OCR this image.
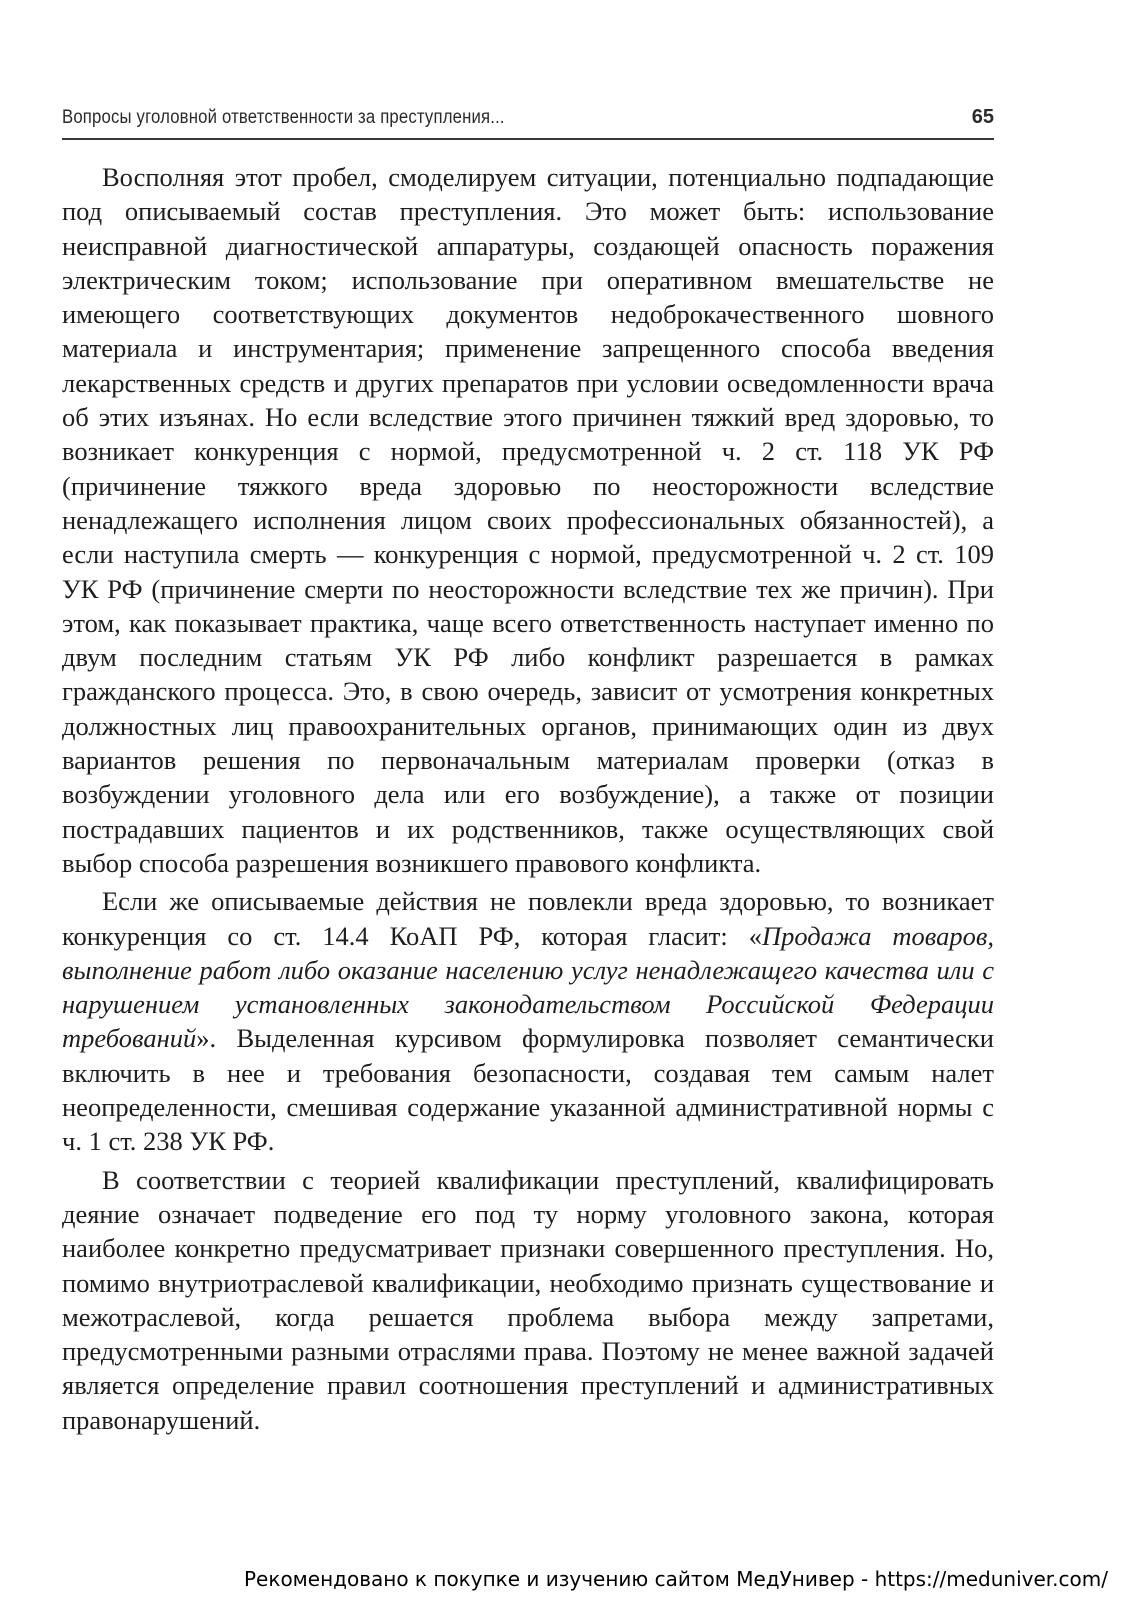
Вопросы уголовной ответственности за преступления...	65

Восполняя этот пробел, смоделируем ситуации, потенциально подпадающие под описываемый состав преступления. Это может быть: использование неисправной диагностической аппаратуры, создающей опасность поражения электрическим током; использование при оперативном вмешательстве не имеющего соответствующих документов недоброкачественного шовного материала и инструментария; применение запрещенного способа введения лекарственных средств и других препаратов при условии осведомленности врача об этих изъянах. Но если вследствие этого причинен тяжкий вред здоровью, то возникает конкуренция с нормой, предусмотренной ч. 2 ст. 118 УК РФ (причинение тяжкого вреда здоровью по неосторожности вследствие ненадлежащего исполнения лицом своих профессиональных обязанностей), а если наступила смерть — конкуренция с нормой, предусмотренной ч. 2 ст. 109 УК РФ (причинение смерти по неосторожности вследствие тех же причин). При этом, как показывает практика, чаще всего ответственность наступает именно по двум последним статьям УК РФ либо конфликт разрешается в рамках гражданского процесса. Это, в свою очередь, зависит от усмотрения конкретных должностных лиц правоохранительных органов, принимающих один из двух вариантов решения по первоначальным материалам проверки (отказ в возбуждении уголовного дела или его возбуждение), а также от позиции пострадавших пациентов и их родственников, также осуществляющих свой выбор способа разрешения возникшего правового конфликта.

Если же описываемые действия не повлекли вреда здоровью, то возникает конкуренция со ст. 14.4 КоАП РФ, которая гласит: «Продажа товаров, выполнение работ либо оказание населению услуг ненадлежащего качества или с нарушением установленных законодательством Российской Федерации требований». Выделенная курсивом формулировка позволяет семантически включить в нее и требования безопасности, создавая тем самым налет неопределенности, смешивая содержание указанной административной нормы с ч. 1 ст. 238 УК РФ.

В соответствии с теорией квалификации преступлений, квалифицировать деяние означает подведение его под ту норму уголовного закона, которая наиболее конкретно предусматривает признаки совершенного преступления. Но, помимо внутриотраслевой квалификации, необходимо признать существование и межотраслевой, когда решается проблема выбора между запретами, предусмотренными разными отраслями права. Поэтому не менее важной задачей является определение правил соотношения преступлений и административных правонарушений.

Рекомендовано к покупке и изучению сайтом МедУнивер - https://meduniver.com/
